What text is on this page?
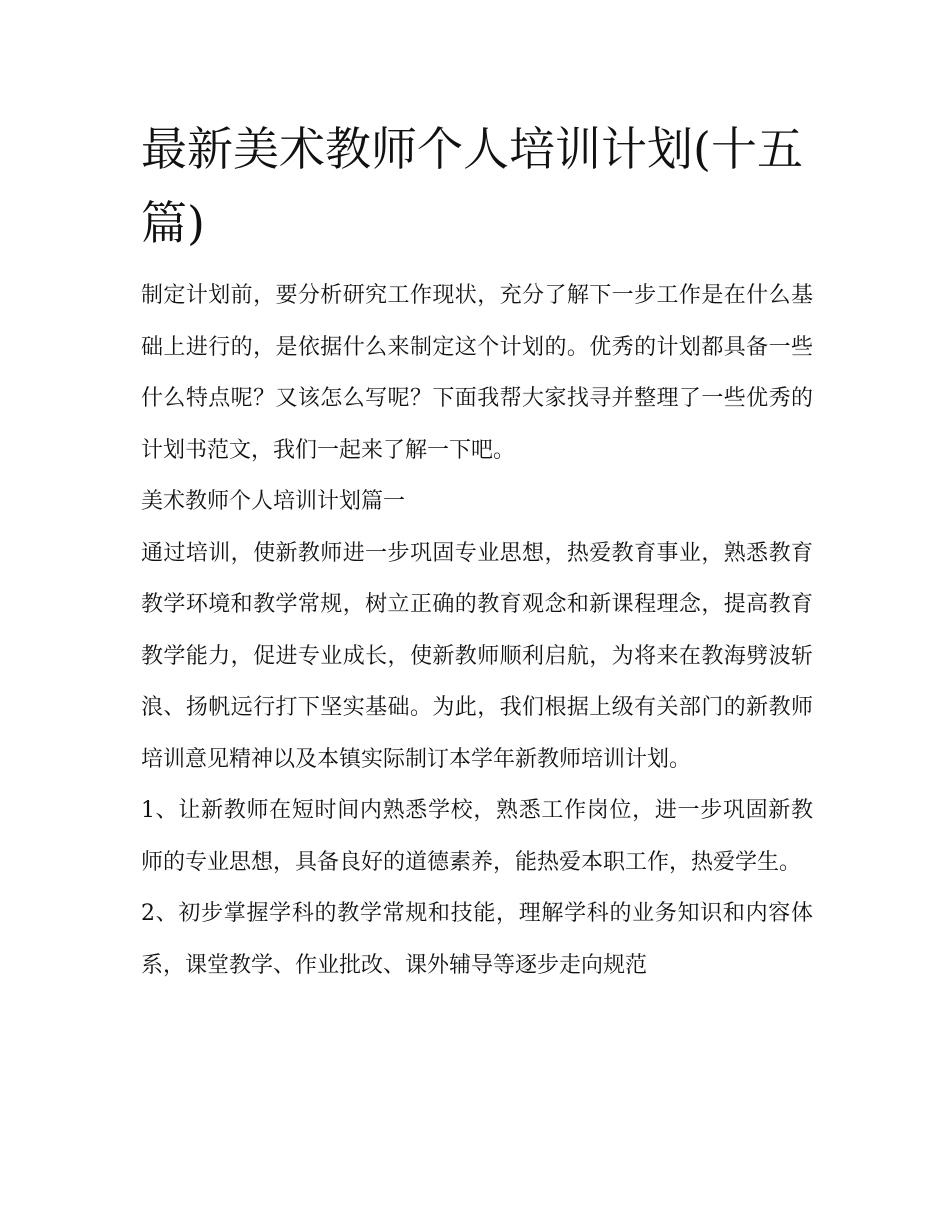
最新美术教师个人培训计划(十五篇)

制定计划前，要分析研究工作现状，充分了解下一步工作是在什么基础上进行的，是依据什么来制定这个计划的。优秀的计划都具备一些什么特点呢？又该怎么写呢？下面我帮大家找寻并整理了一些优秀的计划书范文，我们一起来了解一下吧。

美术教师个人培训计划篇一

通过培训，使新教师进一步巩固专业思想，热爱教育事业，熟悉教育教学环境和教学常规，树立正确的教育观念和新课程理念，提高教育教学能力，促进专业成长，使新教师顺利启航，为将来在教海劈波斩浪、扬帆远行打下坚实基础。为此，我们根据上级有关部门的新教师培训意见精神以及本镇实际制订本学年新教师培训计划。

1、让新教师在短时间内熟悉学校，熟悉工作岗位，进一步巩固新教师的专业思想，具备良好的道德素养，能热爱本职工作，热爱学生。

2、初步掌握学科的教学常规和技能，理解学科的业务知识和内容体系，课堂教学、作业批改、课外辅导等逐步走向规范
